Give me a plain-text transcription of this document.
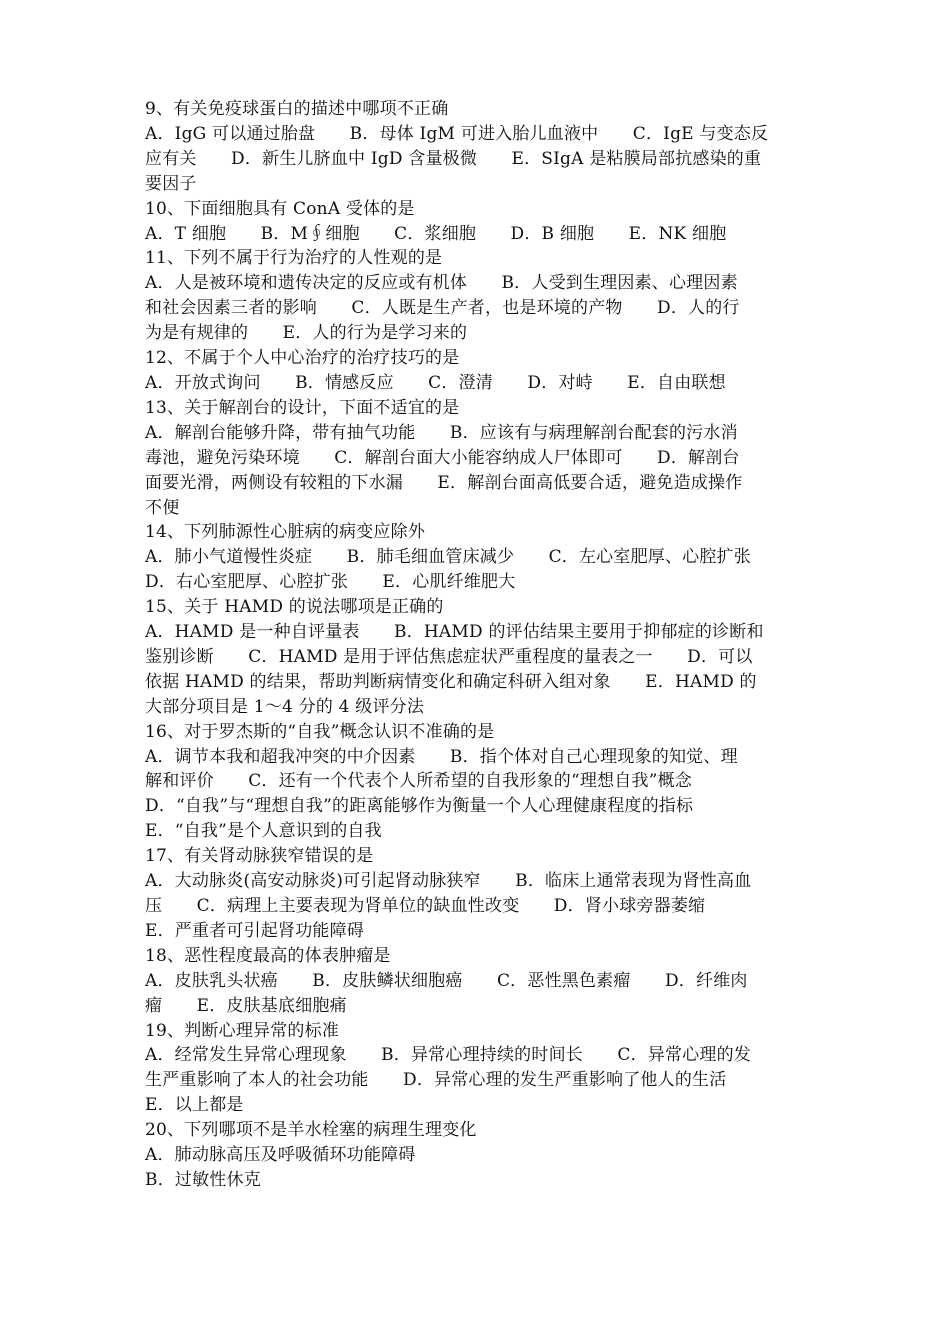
9、有关免疫球蛋白的描述中哪项不正确
A．IgG 可以通过胎盘　　B．母体 IgM 可进入胎儿血液中　　C．IgE 与变态反
应有关　　D．新生儿脐血中 IgD 含量极微　　E．SIgA 是粘膜局部抗感染的重
要因子
10、下面细胞具有 ConA 受体的是
A．T 细胞　　B．M∮细胞　　C．浆细胞　　D．B 细胞　　E．NK 细胞
11、下列不属于行为治疗的人性观的是
A．人是被环境和遗传决定的反应或有机体　　B．人受到生理因素、心理因素
和社会因素三者的影响　　C．人既是生产者，也是环境的产物　　D．人的行
为是有规律的　　E．人的行为是学习来的
12、不属于个人中心治疗的治疗技巧的是
A．开放式询问　　B．情感反应　　C．澄清　　D．对峙　　E．自由联想
13、关于解剖台的设计，下面不适宜的是
A．解剖台能够升降，带有抽气功能　　B．应该有与病理解剖台配套的污水消
毒池，避免污染环境　　C．解剖台面大小能容纳成人尸体即可　　D．解剖台
面要光滑，两侧设有较粗的下水漏　　E．解剖台面高低要合适，避免造成操作
不便
14、下列肺源性心脏病的病变应除外
A．肺小气道慢性炎症　　B．肺毛细血管床减少　　C．左心室肥厚、心腔扩张
D．右心室肥厚、心腔扩张　　E．心肌纤维肥大
15、关于 HAMD 的说法哪项是正确的
A．HAMD 是一种自评量表　　B．HAMD 的评估结果主要用于抑郁症的诊断和
鉴别诊断　　C．HAMD 是用于评估焦虑症状严重程度的量表之一　　D．可以
依据 HAMD 的结果，帮助判断病情变化和确定科研入组对象　　E．HAMD 的
大部分项目是 1～4 分的 4 级评分法
16、对于罗杰斯的“自我”概念认识不准确的是
A．调节本我和超我冲突的中介因素　　B．指个体对自己心理现象的知觉、理
解和评价　　C．还有一个代表个人所希望的自我形象的“理想自我”概念
D．“自我”与“理想自我”的距离能够作为衡量一个人心理健康程度的指标
E．“自我”是个人意识到的自我
17、有关肾动脉狭窄错误的是
A．大动脉炎(高安动脉炎)可引起肾动脉狭窄　　B．临床上通常表现为肾性高血
压　　C．病理上主要表现为肾单位的缺血性改变　　D．肾小球旁器萎缩
E．严重者可引起肾功能障碍
18、恶性程度最高的体表肿瘤是
A．皮肤乳头状癌　　B．皮肤鳞状细胞癌　　C．恶性黑色素瘤　　D．纤维肉
瘤　　E．皮肤基底细胞痛
19、判断心理异常的标准
A．经常发生异常心理现象　　B．异常心理持续的时间长　　C．异常心理的发
生严重影响了本人的社会功能　　D．异常心理的发生严重影响了他人的生活
E．以上都是
20、下列哪项不是羊水栓塞的病理生理变化
A．肺动脉高压及呼吸循环功能障碍
B．过敏性休克
